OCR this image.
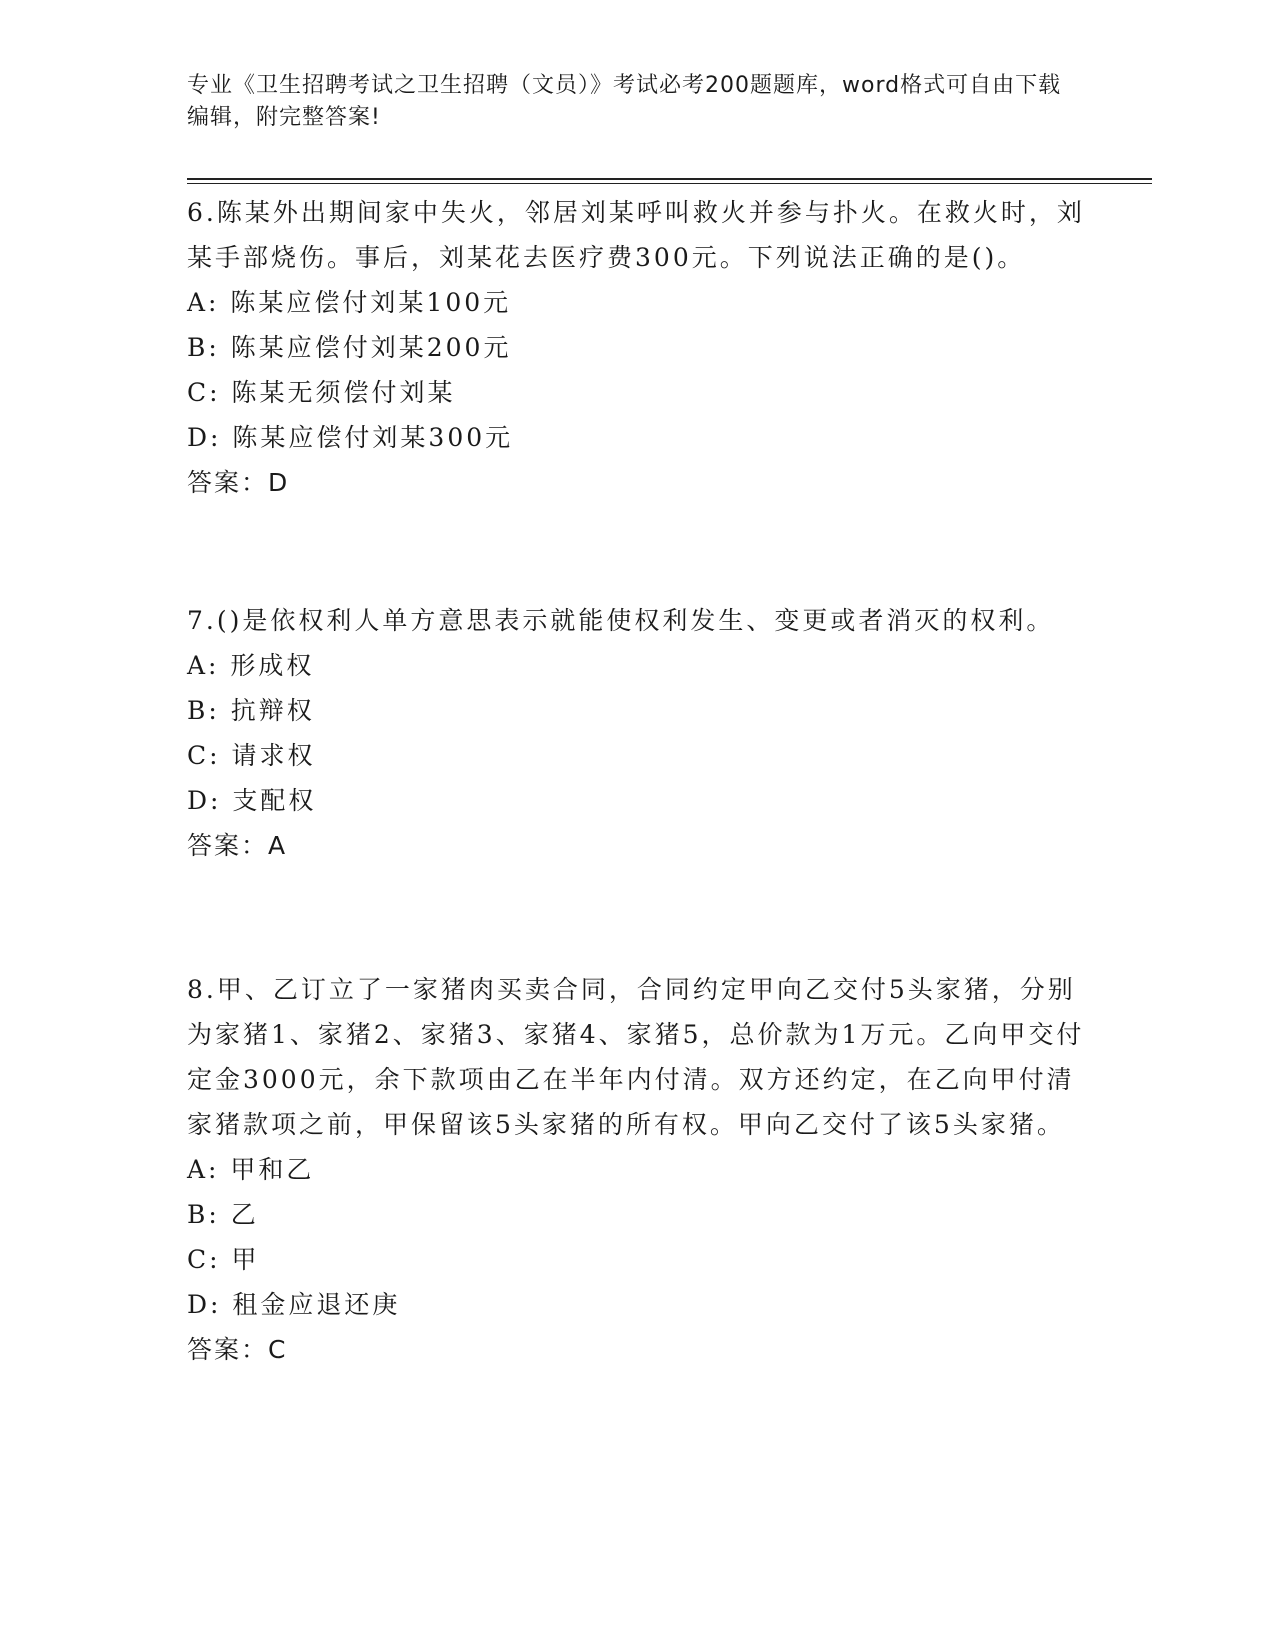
专业《卫生招聘考试之卫生招聘（文员）》考试必考200题题库，word格式可自由下载编辑，附完整答案!

6.陈某外出期间家中失火，邻居刘某呼叫救火并参与扑火。在救火时，刘某手部烧伤。事后，刘某花去医疗费300元。下列说法正确的是()。

A: 陈某应偿付刘某100元

B: 陈某应偿付刘某200元

C: 陈某无须偿付刘某

D: 陈某应偿付刘某300元

答案：D

7.()是依权利人单方意思表示就能使权利发生、变更或者消灭的权利。

A: 形成权

B: 抗辩权

C: 请求权

D: 支配权

答案：A

8.甲、乙订立了一家猪肉买卖合同，合同约定甲向乙交付5头家猪，分别为家猪1、家猪2、家猪3、家猪4、家猪5，总价款为1万元。乙向甲交付定金3000元，余下款项由乙在半年内付清。双方还约定，在乙向甲付清家猪款项之前，甲保留该5头家猪的所有权。甲向乙交付了该5头家猪。

A: 甲和乙

B: 乙

C: 甲

D: 租金应退还庚

答案：C
